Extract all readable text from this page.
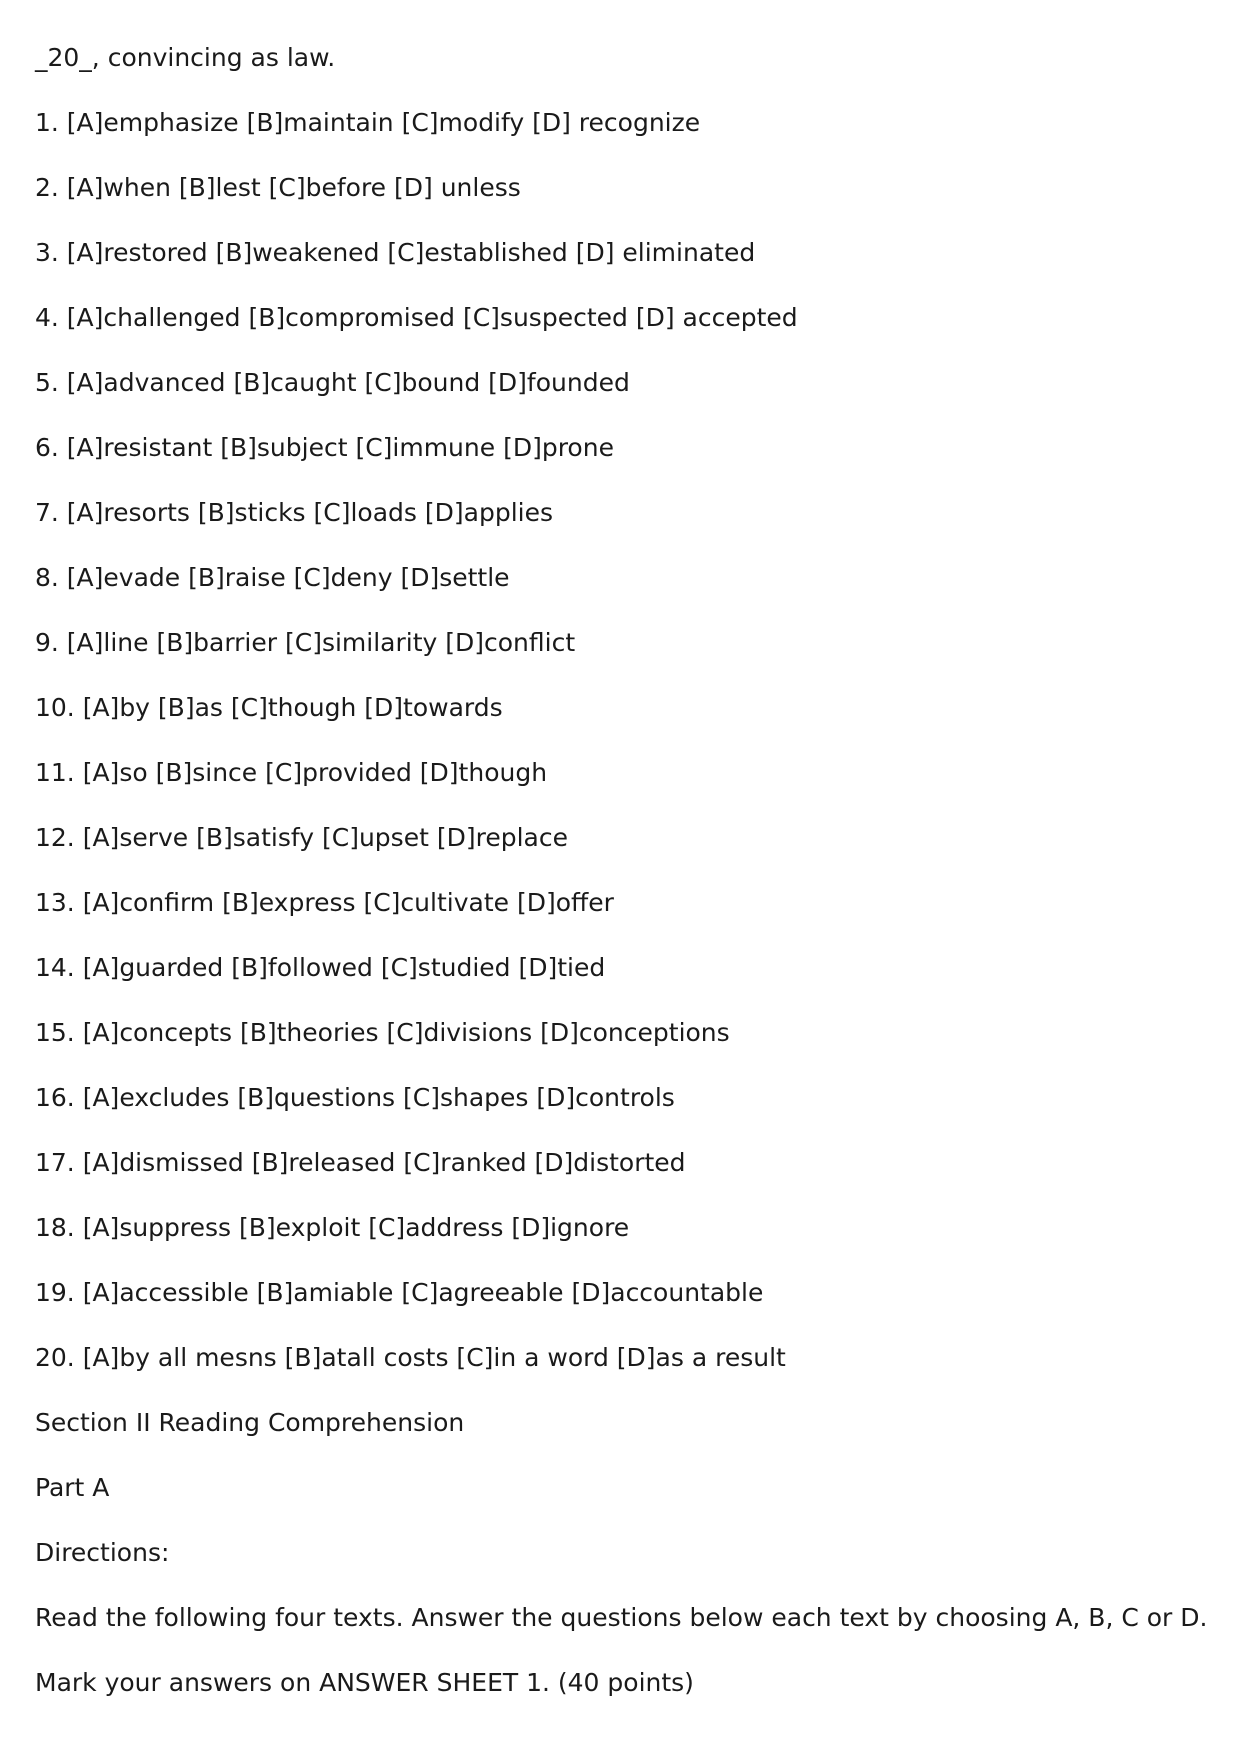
_20_, convincing as law.
1. [A]emphasize [B]maintain [C]modify [D] recognize
2. [A]when [B]lest [C]before [D] unless
3. [A]restored [B]weakened [C]established [D] eliminated
4. [A]challenged [B]compromised [C]suspected [D] accepted
5. [A]advanced [B]caught [C]bound [D]founded
6. [A]resistant [B]subject [C]immune [D]prone
7. [A]resorts [B]sticks [C]loads [D]applies
8. [A]evade [B]raise [C]deny [D]settle
9. [A]line [B]barrier [C]similarity [D]conflict
10. [A]by [B]as [C]though [D]towards
11. [A]so [B]since [C]provided [D]though
12. [A]serve [B]satisfy [C]upset [D]replace
13. [A]confirm [B]express [C]cultivate [D]offer
14. [A]guarded [B]followed [C]studied [D]tied
15. [A]concepts [B]theories [C]divisions [D]conceptions
16. [A]excludes [B]questions [C]shapes [D]controls
17. [A]dismissed [B]released [C]ranked [D]distorted
18. [A]suppress [B]exploit [C]address [D]ignore
19. [A]accessible [B]amiable [C]agreeable [D]accountable
20. [A]by all mesns [B]atall costs [C]in a word [D]as a result
Section II Reading Comprehension
Part A
Directions:
Read the following four texts. Answer the questions below each text by choosing A, B, C or D.
Mark your answers on ANSWER SHEET 1. (40 points)
